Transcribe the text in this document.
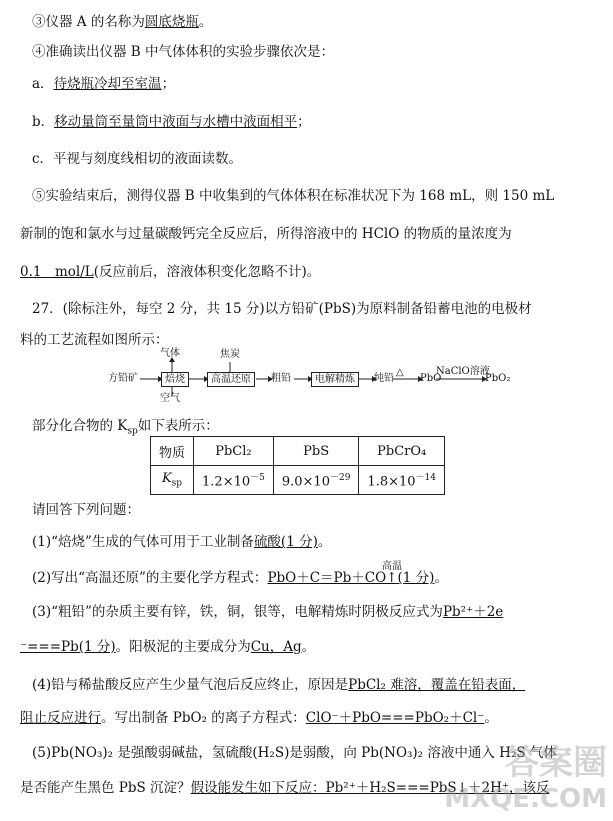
③仪器 A 的名称为圆底烧瓶。
④准确读出仪器 B 中气体体积的实验步骤依次是：
a．待烧瓶冷却至室温；
b．移动量筒至量筒中液面与水槽中液面相平；
c．平视与刻度线相切的液面读数。
⑤实验结束后，测得仪器 B 中收集到的气体体积在标准状况下为 168 mL，则 150 mL
新制的饱和氯水与过量碳酸钙完全反应后，所得溶液中的 HClO 的物质的量浓度为
0.1　mol/L(反应前后，溶液体积变化忽略不计)。
27．(除标注外，每空 2 分，共 15 分)以方铅矿(PbS)为原料制备铅蓄电池的电极材
料的工艺流程如图所示：
方铅矿	焙烧
气体
空气
高温还原
焦炭
粗铅	电解精炼	纯铅
△
PbO
NaClO溶液
PbO₂
部分化合物的 $K_{sp}$如下表所示：
物质	PbCl₂	PbS	PbCrO₄
$K_{sp}$	$1.2\times 10^{-5}$	$9.0\times 10^{-29}$	$1.8\times 10^{-14}$
请回答下列问题：
(1)“焙烧”生成的气体可用于工业制备硫酸(1 分)。
高温
(2)写出“高温还原”的主要化学方程式：PbO＋C＝Pb＋CO↑(1 分)。
(3)“粗铅”的杂质主要有锌，铁，铜，银等，电解精炼时阴极反应式为Pb²⁺＋2e
⁻===Pb(1 分)。阳极泥的主要成分为Cu，Ag。
(4)铅与稀盐酸反应产生少量气泡后反应终止，原因是PbCl₂ 难溶，覆盖在铅表面，
阻止反应进行。写出制备 PbO₂ 的离子方程式：ClO⁻＋PbO===PbO₂＋Cl⁻。
(5)Pb(NO₃)₂ 是强酸弱碱盐，氢硫酸(H₂S)是弱酸，向 Pb(NO₃)₂ 溶液中通入 H₂S 气体
是否能产生黑色 PbS 沉淀？假设能发生如下反应：Pb²⁺＋H₂S===PbS↓＋2H⁺，该反
答案圈
MXQE.COM
